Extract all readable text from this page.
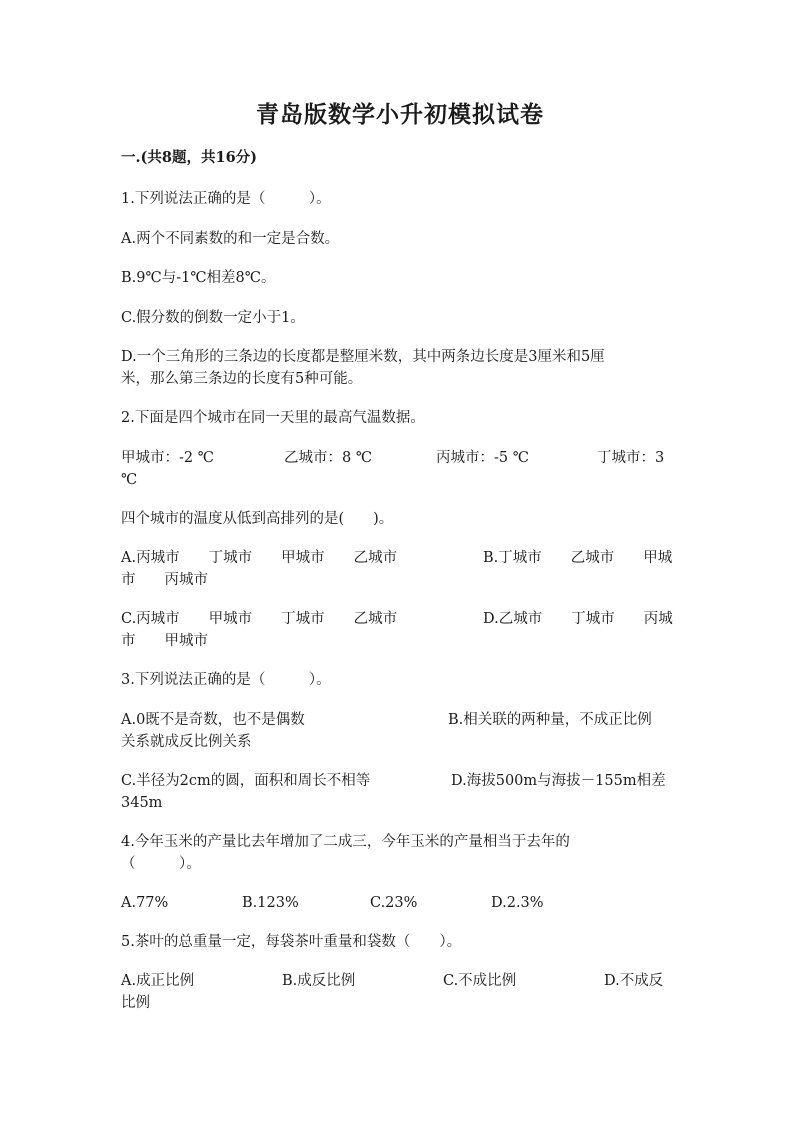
青岛版数学小升初模拟试卷
一.(共8题，共16分)
1.下列说法正确的是（　　　）。
A.两个不同素数的和一定是合数。
B.9℃与-1℃相差8℃。
C.假分数的倒数一定小于1。
D.一个三角形的三条边的长度都是整厘米数，其中两条边长度是3厘米和5厘
米，那么第三条边的长度有5种可能。
2.下面是四个城市在同一天里的最高气温数据。
甲城市：-2 ℃	乙城市：8 ℃	丙城市：-5 ℃	丁城市：3
℃
四个城市的温度从低到高排列的是(　　)。
A.丙城市　　丁城市　　甲城市　　乙城市	B.丁城市　　乙城市　　甲城
市　　丙城市
C.丙城市　　甲城市　　丁城市　　乙城市	D.乙城市　　丁城市　　丙城
市　　甲城市
3.下列说法正确的是（　　　）。
A.0既不是奇数，也不是偶数	B.相关联的两种量，不成正比例
关系就成反比例关系
C.半径为2cm的圆，面积和周长不相等	D.海拔500m与海拔－155m相差
345m
4.今年玉米的产量比去年增加了二成三，今年玉米的产量相当于去年的
（　　　）。
A.77%	B.123%	C.23%	D.2.3%
5.茶叶的总重量一定，每袋茶叶重量和袋数（　　）。
A.成正比例	B.成反比例	C.不成比例	D.不成反
比例
